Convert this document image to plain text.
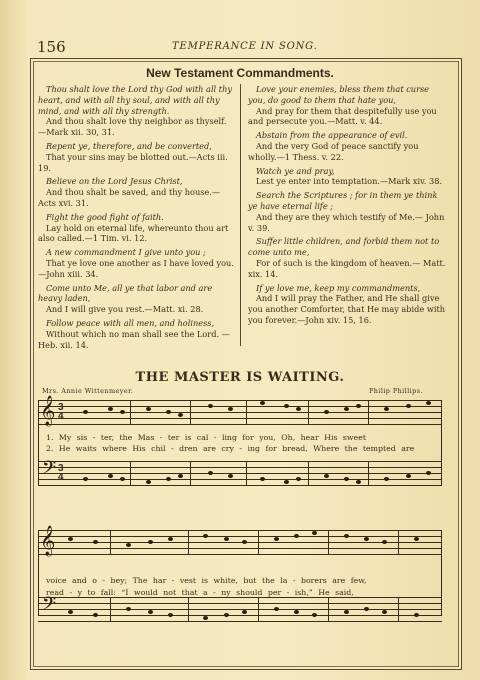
156	TEMPERANCE IN SONG.
New Testament Commandments.
Thou shalt love the Lord thy God with all thy heart, and with all thy soul, and with all thy mind, and with all thy strength.
And thou shalt love thy neighbor as thyself. —Mark xii. 30, 31.
Repent ye, therefore, and be converted,
That your sins may be blotted out.—Acts iii. 19.
Believe on the Lord Jesus Christ,
And thou shalt be saved, and thy house.— Acts xvi. 31.
Fight the good fight of faith.
Lay hold on eternal life, whereunto thou art also called.—1 Tim. vi. 12.
A new commandment I give unto you ;
That ye love one another as I have loved you.—John xiii. 34.
Come unto Me, all ye that labor and are heavy laden,
And I will give you rest.—Matt. xi. 28.
Follow peace with all men, and holiness,
Without which no man shall see the Lord. —Heb. xii. 14.
Love your enemies, bless them that curse you, do good to them that hate you,
And pray for them that despitefully use you and persecute you.—Matt. v. 44.
Abstain from the appearance of evil.
And the very God of peace sanctify you wholly.—1 Thess. v. 22.
Watch ye and pray,
Lest ye enter into temptation.—Mark xiv. 38.
Search the Scriptures ; for in them ye think ye have eternal life ;
And they are they which testify of Me.— John v. 39.
Suffer little children, and forbid them not to come unto me,
For of such is the kingdom of heaven.— Matt. xix. 14.
If ye love me, keep my commandments,
And I will pray the Father, and He shall give you another Comforter, that He may abide with you forever.—John xiv. 15, 16.
THE MASTER IS WAITING.
Mrs. Annie Wittenmeyer.	Philip Phillips.
𝄞 3
4
1. My sis - ter, the Mas - ter is cal - ling for you, Oh, hear His sweet
2. He waits where His chil - dren are cry - ing for bread, Where the tempted are
𝄢 3
4
𝄞
voice and o - bey; The har - vest is white, but the la - borers are few,
read - y to fall: “I would not that a - ny should per - ish,” He said,
𝄢
